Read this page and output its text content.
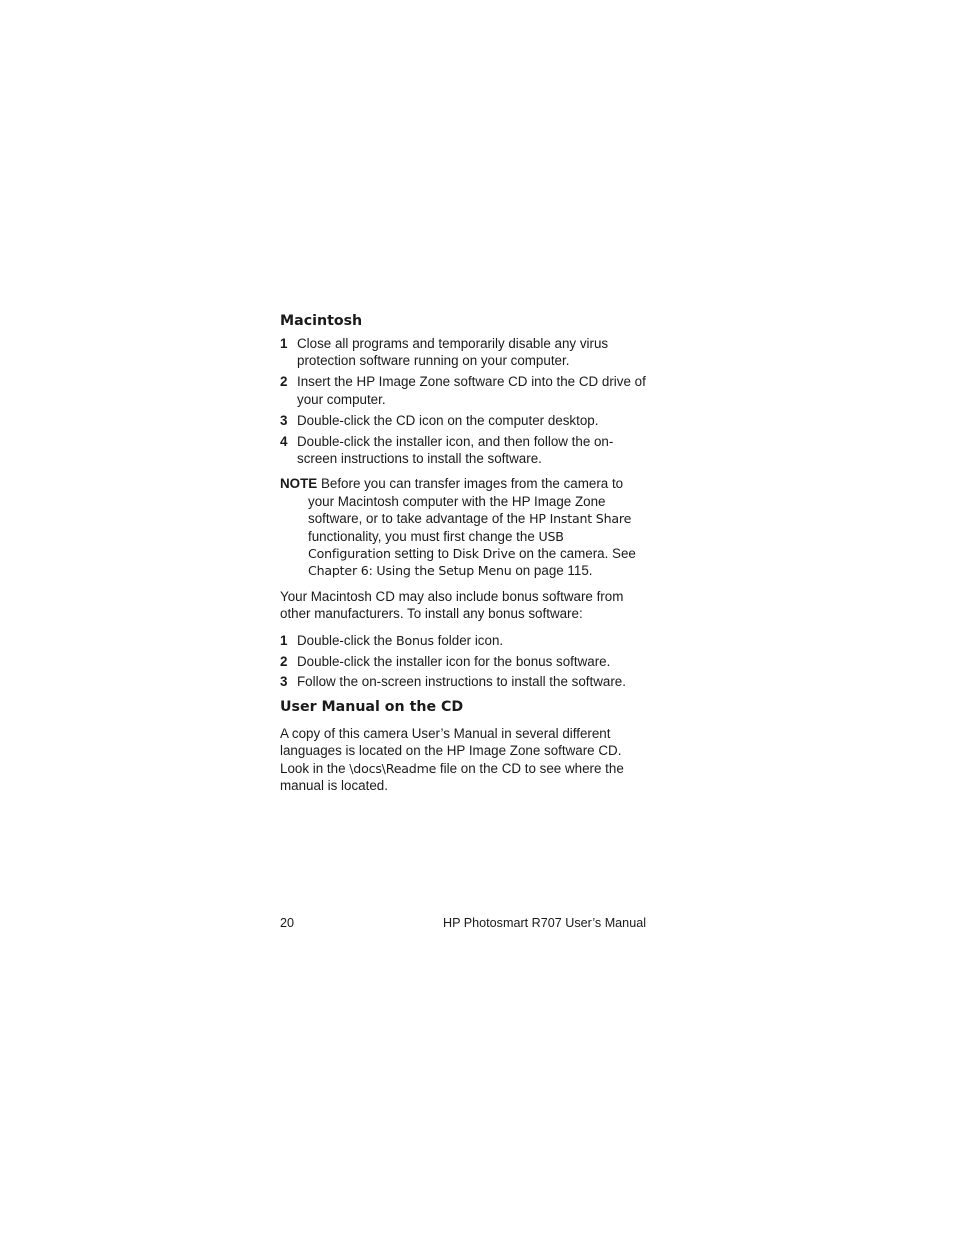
Macintosh
1 Close all programs and temporarily disable any virus protection software running on your computer.
2 Insert the HP Image Zone software CD into the CD drive of your computer.
3 Double-click the CD icon on the computer desktop.
4 Double-click the installer icon, and then follow the on-screen instructions to install the software.

NOTE Before you can transfer images from the camera to your Macintosh computer with the HP Image Zone software, or to take advantage of the HP Instant Share functionality, you must first change the USB Configuration setting to Disk Drive on the camera. See Chapter 6: Using the Setup Menu on page 115.

Your Macintosh CD may also include bonus software from other manufacturers. To install any bonus software:

1 Double-click the Bonus folder icon.
2 Double-click the installer icon for the bonus software.
3 Follow the on-screen instructions to install the software.
User Manual on the CD

A copy of this camera User’s Manual in several different languages is located on the HP Image Zone software CD. Look in the \docs\Readme file on the CD to see where the manual is located.

20	HP Photosmart R707 User’s Manual
